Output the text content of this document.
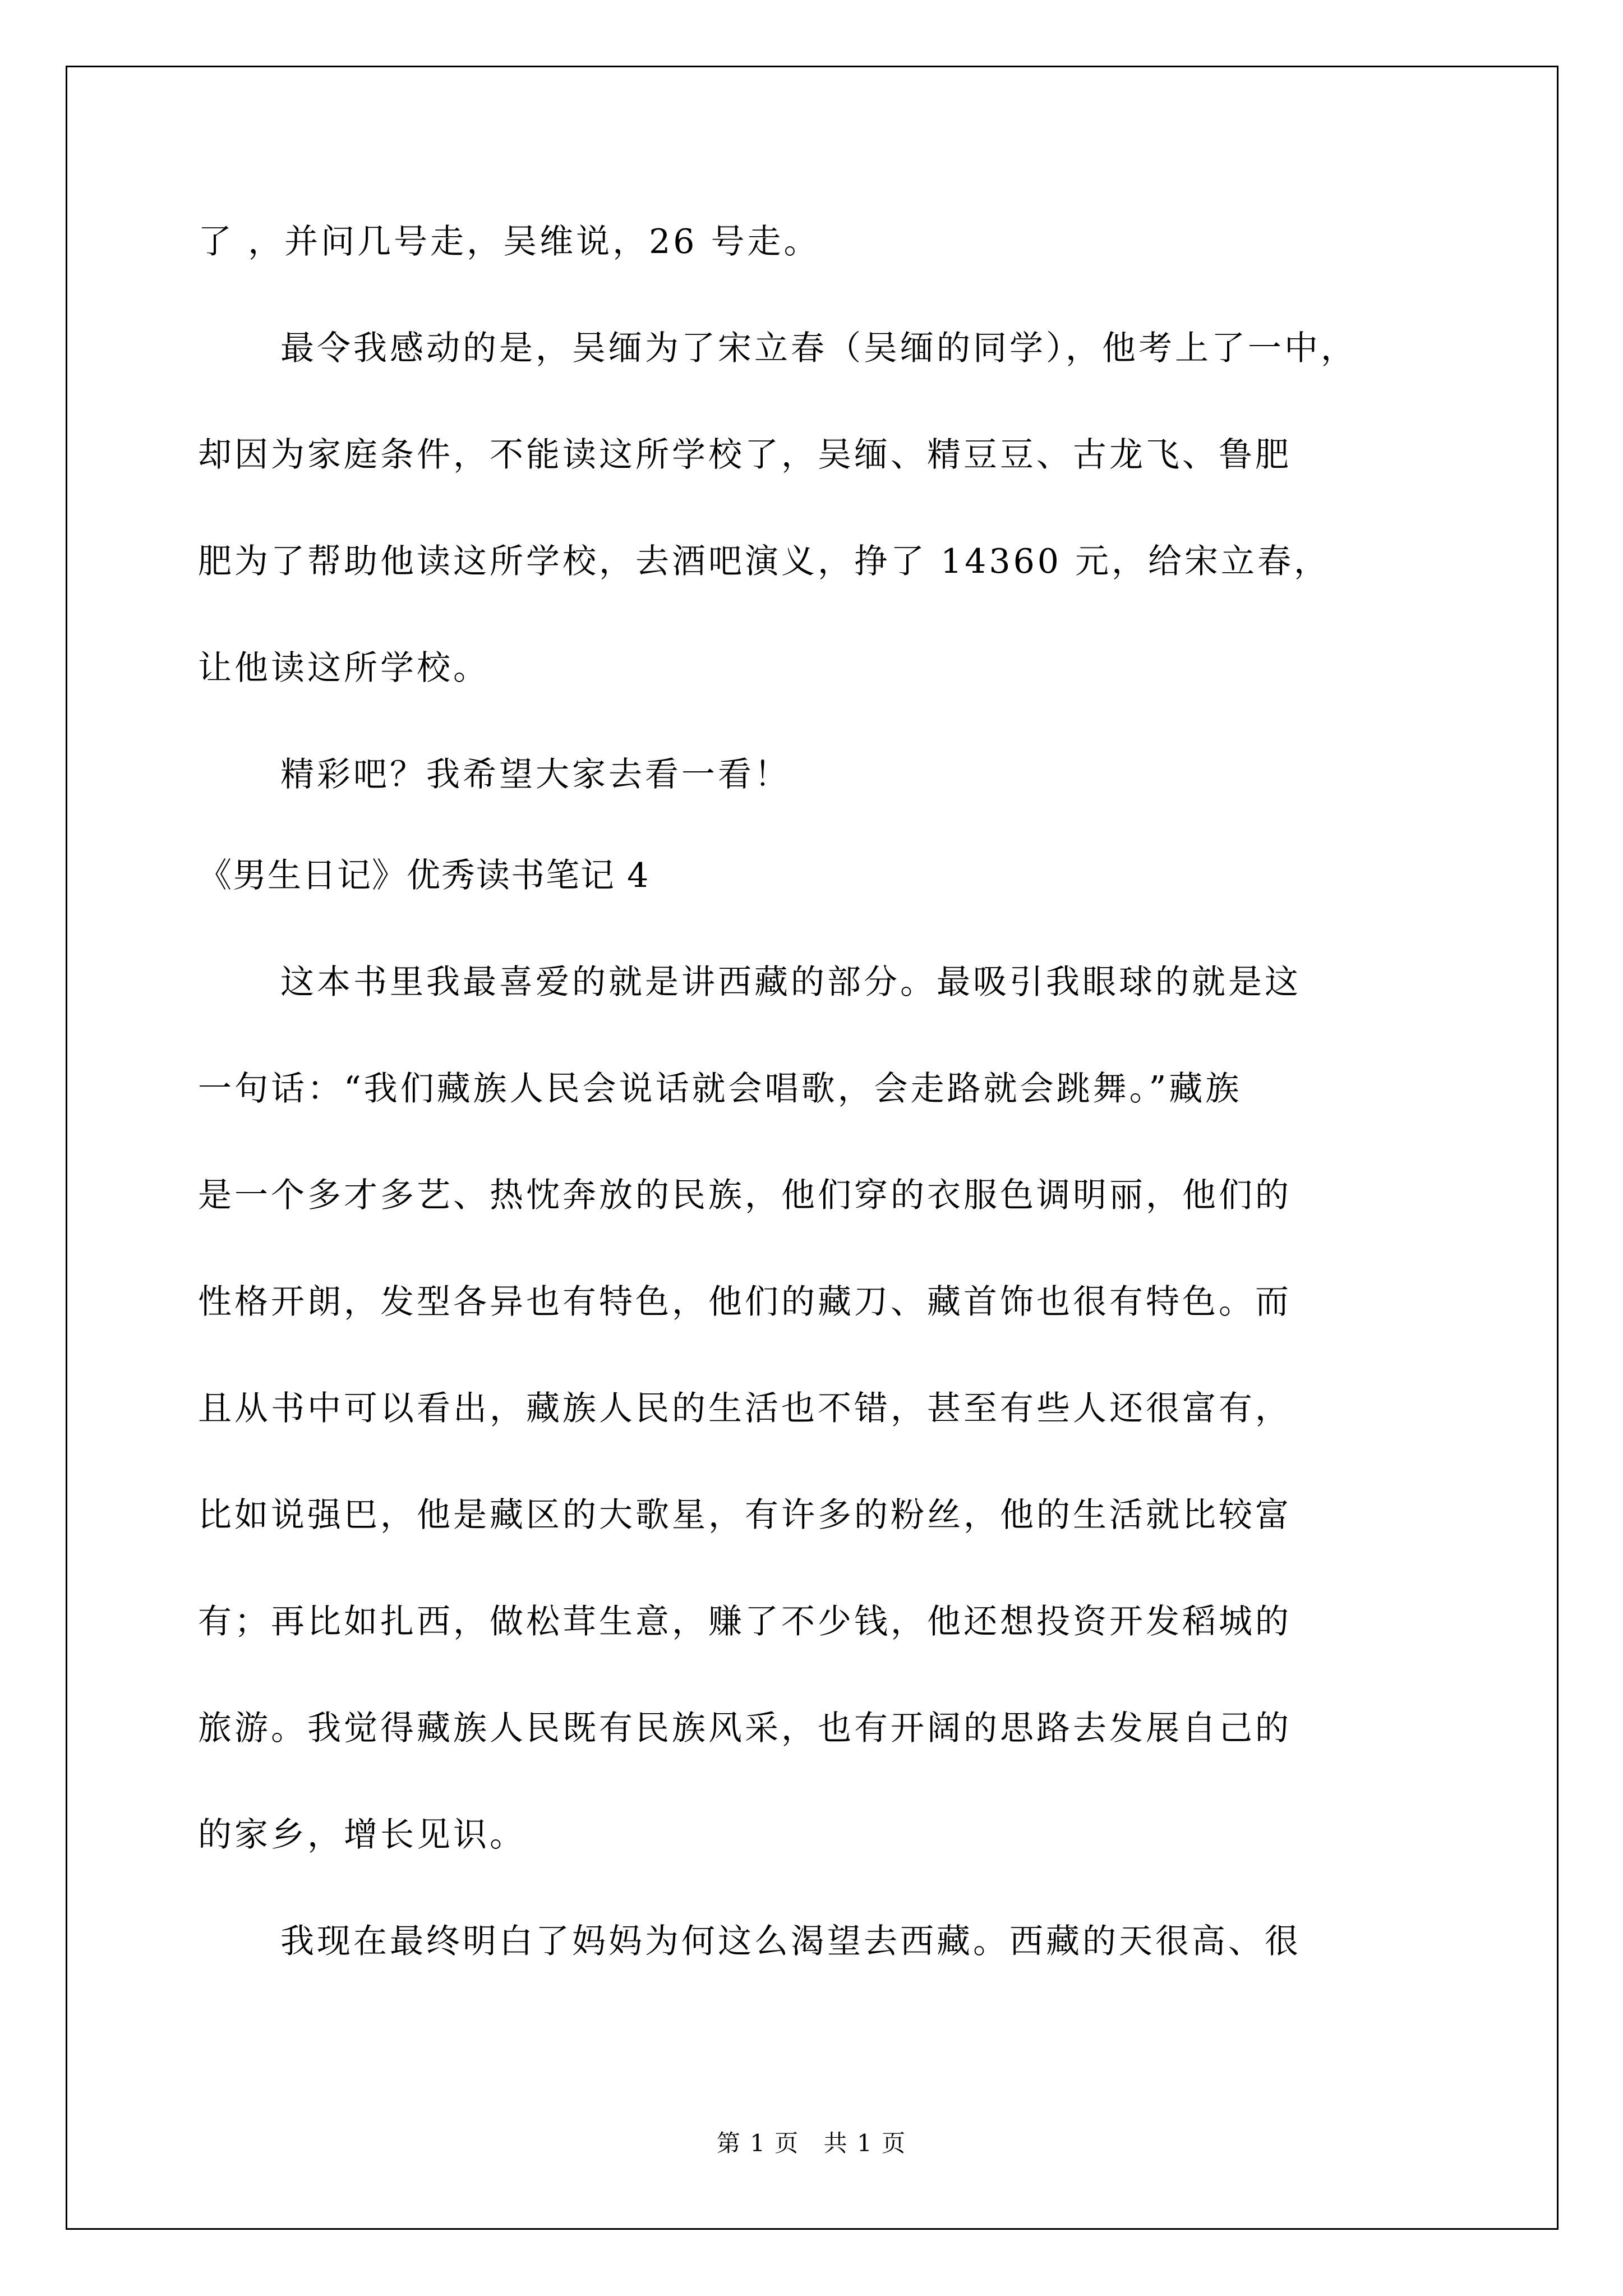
了 ，并问几号走，吴维说，26 号走。
最令我感动的是，吴缅为了宋立春（吴缅的同学），他考上了一中，
却因为家庭条件，不能读这所学校了，吴缅、精豆豆、古龙飞、鲁肥
肥为了帮助他读这所学校，去酒吧演义，挣了 14360 元，给宋立春，
让他读这所学校。
精彩吧？我希望大家去看一看！
《男生日记》优秀读书笔记 4
这本书里我最喜爱的就是讲西藏的部分。最吸引我眼球的就是这
一句话：“我们藏族人民会说话就会唱歌，会走路就会跳舞。”藏族
是一个多才多艺、热忱奔放的民族，他们穿的衣服色调明丽，他们的
性格开朗，发型各异也有特色，他们的藏刀、藏首饰也很有特色。而
且从书中可以看出，藏族人民的生活也不错，甚至有些人还很富有，
比如说强巴，他是藏区的大歌星，有许多的粉丝，他的生活就比较富
有；再比如扎西，做松茸生意，赚了不少钱，他还想投资开发稻城的
旅游。我觉得藏族人民既有民族风采，也有开阔的思路去发展自己的
的家乡，增长见识。
我现在最终明白了妈妈为何这么渴望去西藏。西藏的天很高、很
第 1 页 共 1 页
